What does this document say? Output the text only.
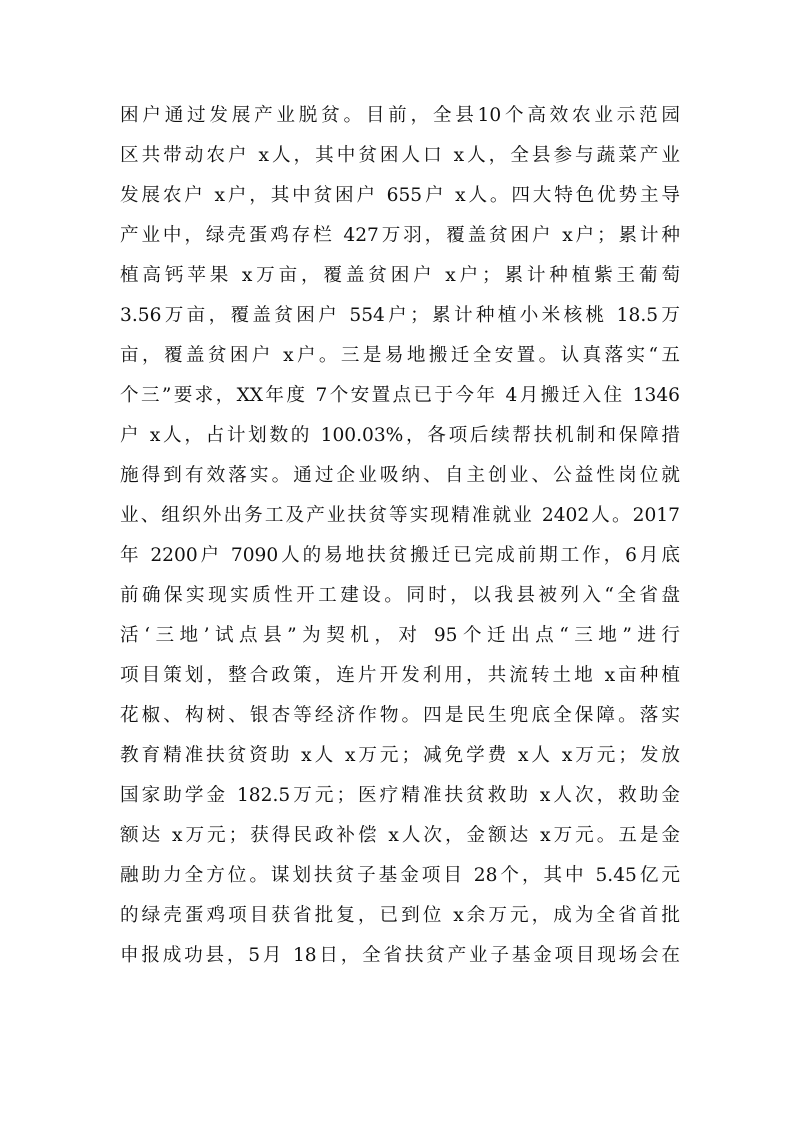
困户通过发展产业脱贫。目前，全县10个高效农业示范园
区共带动农户 x人，其中贫困人口 x人，全县参与蔬菜产业
发展农户 x户，其中贫困户 655户 x人。四大特色优势主导
产业中，绿壳蛋鸡存栏 427万羽，覆盖贫困户 x户；累计种
植高钙苹果 x万亩，覆盖贫困户 x户；累计种植紫王葡萄
3.56万亩，覆盖贫困户 554户；累计种植小米核桃 18.5万
亩，覆盖贫困户 x户。三是易地搬迁全安置。认真落实“五
个三”要求，XX年度 7个安置点已于今年 4月搬迁入住 1346
户 x人，占计划数的 100.03%，各项后续帮扶机制和保障措
施得到有效落实。通过企业吸纳、自主创业、公益性岗位就
业、组织外出务工及产业扶贫等实现精准就业 2402人。2017
年 2200户 7090人的易地扶贫搬迁已完成前期工作，6月底
前确保实现实质性开工建设。同时，以我县被列入“全省盘
活‘三地’试点县”为契机，对 95个迁出点“三地”进行
项目策划，整合政策，连片开发利用，共流转土地 x亩种植
花椒、构树、银杏等经济作物。四是民生兜底全保障。落实
教育精准扶贫资助 x人 x万元；减免学费 x人 x万元；发放
国家助学金 182.5万元；医疗精准扶贫救助 x人次，救助金
额达 x万元；获得民政补偿 x人次，金额达 x万元。五是金
融助力全方位。谋划扶贫子基金项目 28个，其中 5.45亿元
的绿壳蛋鸡项目获省批复，已到位 x余万元，成为全省首批
申报成功县，5月 18日，全省扶贫产业子基金项目现场会在
